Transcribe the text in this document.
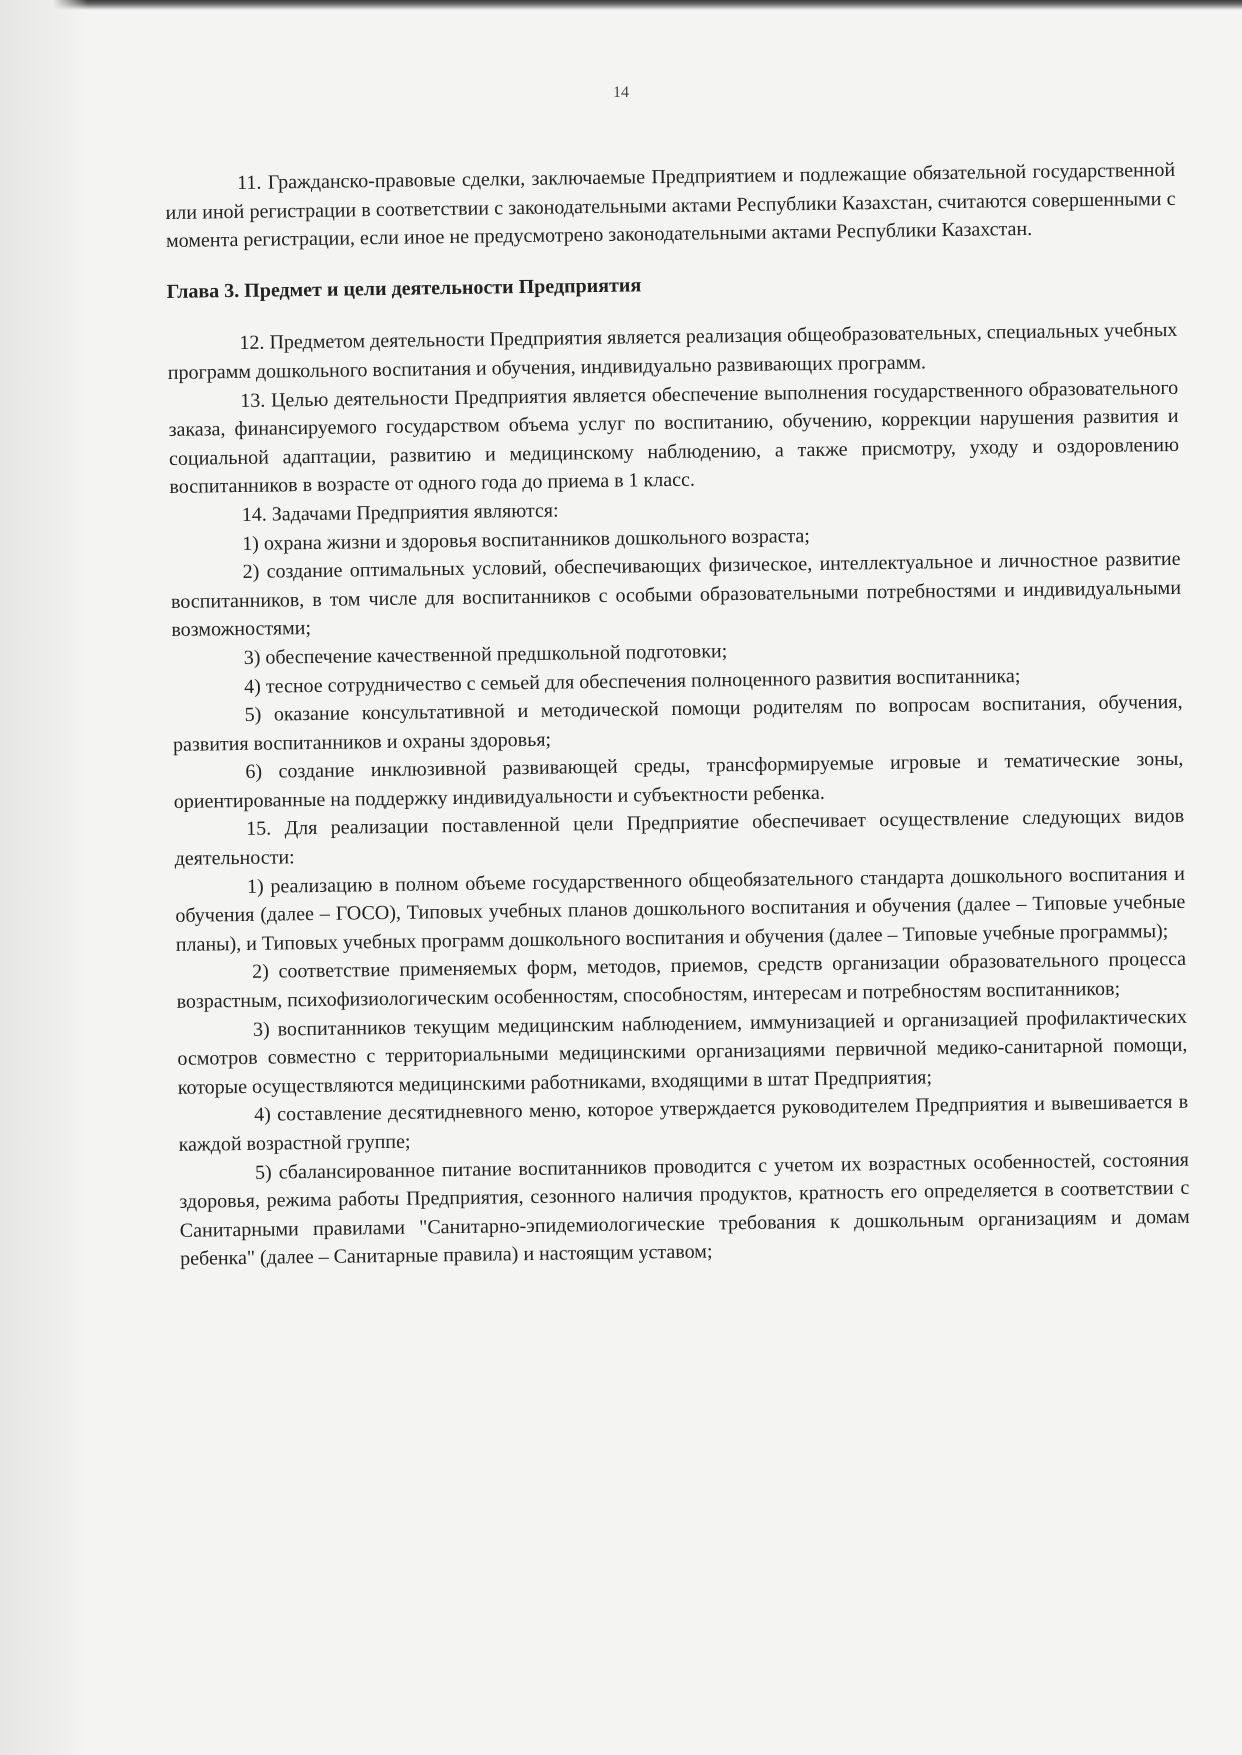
14

11. Гражданско-правовые сделки, заключаемые Предприятием и подлежащие обязательной государственной или иной регистрации в соответствии с законодательными актами Республики Казахстан, считаются совершенными с момента регистрации, если иное не предусмотрено законодательными актами Республики Казахстан.

Глава 3. Предмет и цели деятельности Предприятия

12. Предметом деятельности Предприятия является реализация общеобразовательных, специальных учебных программ дошкольного воспитания и обучения, индивидуально развивающих программ.

13. Целью деятельности Предприятия является обеспечение выполнения государственного образовательного заказа, финансируемого государством объема услуг по воспитанию, обучению, коррекции нарушения развития и социальной адаптации, развитию и медицинскому наблюдению, а также присмотру, уходу и оздоровлению воспитанников в возрасте от одного года до приема в 1 класс.

14. Задачами Предприятия являются:

1) охрана жизни и здоровья воспитанников дошкольного возраста;

2) создание оптимальных условий, обеспечивающих физическое, интеллектуальное и личностное развитие воспитанников, в том числе для воспитанников с особыми образовательными потребностями и индивидуальными возможностями;

3) обеспечение качественной предшкольной подготовки;

4) тесное сотрудничество с семьей для обеспечения полноценного развития воспитанника;

5) оказание консультативной и методической помощи родителям по вопросам воспитания, обучения, развития воспитанников и охраны здоровья;

6) создание инклюзивной развивающей среды, трансформируемые игровые и тематические зоны, ориентированные на поддержку индивидуальности и субъектности ребенка.

15. Для реализации поставленной цели Предприятие обеспечивает осуществление следующих видов деятельности:

1) реализацию в полном объеме государственного общеобязательного стандарта дошкольного воспитания и обучения (далее – ГОСО), Типовых учебных планов дошкольного воспитания и обучения (далее – Типовые учебные планы), и Типовых учебных программ дошкольного воспитания и обучения (далее – Типовые учебные программы);

2) соответствие применяемых форм, методов, приемов, средств организации образовательного процесса возрастным, психофизиологическим особенностям, способностям, интересам и потребностям воспитанников;

3) воспитанников текущим медицинским наблюдением, иммунизацией и организацией профилактических осмотров совместно с территориальными медицинскими организациями первичной медико-санитарной помощи, которые осуществляются медицинскими работниками, входящими в штат Предприятия;

4) составление десятидневного меню, которое утверждается руководителем Предприятия и вывешивается в каждой возрастной группе;

5) сбалансированное питание воспитанников проводится с учетом их возрастных особенностей, состояния здоровья, режима работы Предприятия, сезонного наличия продуктов, кратность его определяется в соответствии с Санитарными правилами "Санитарно-эпидемиологические требования к дошкольным организациям и домам ребенка" (далее – Санитарные правила) и настоящим уставом;
